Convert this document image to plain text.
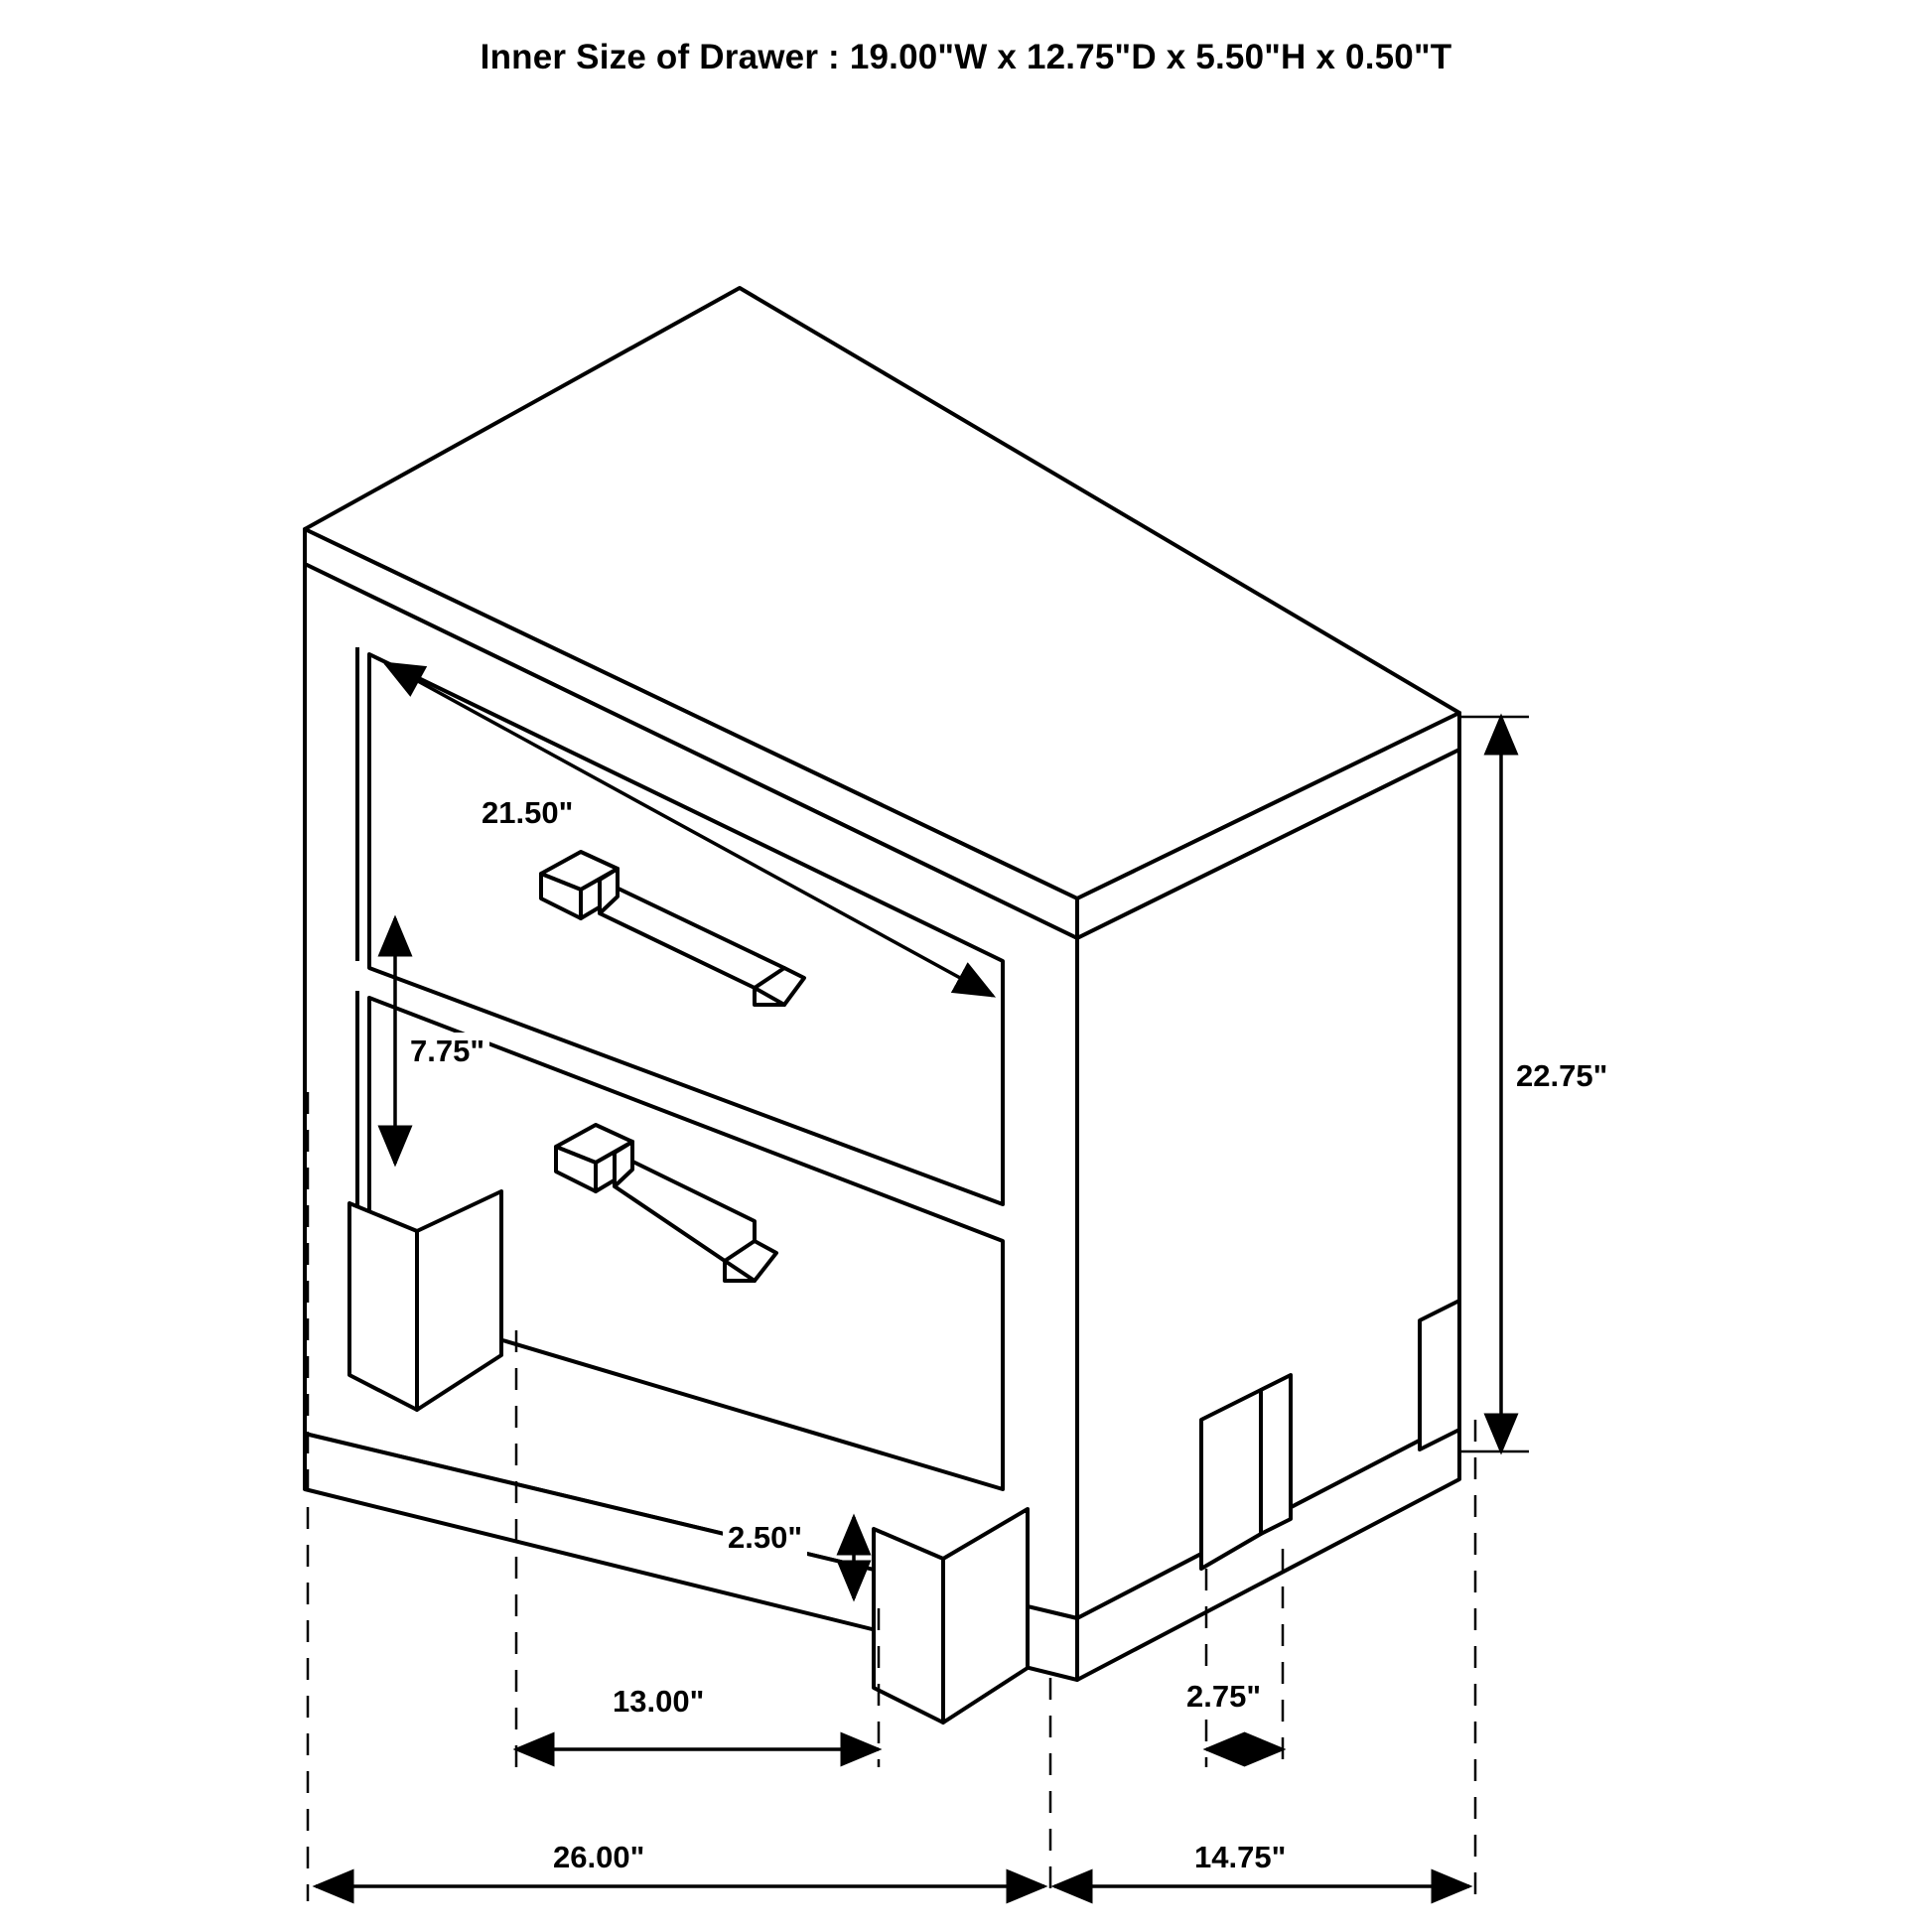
Inner Size of Drawer : 19.00"W x 12.75"D x 5.50"H x 0.50"T
21.50"
7.75"
22.75"
2.50"
13.00"	2.75"
26.00"	14.75"
